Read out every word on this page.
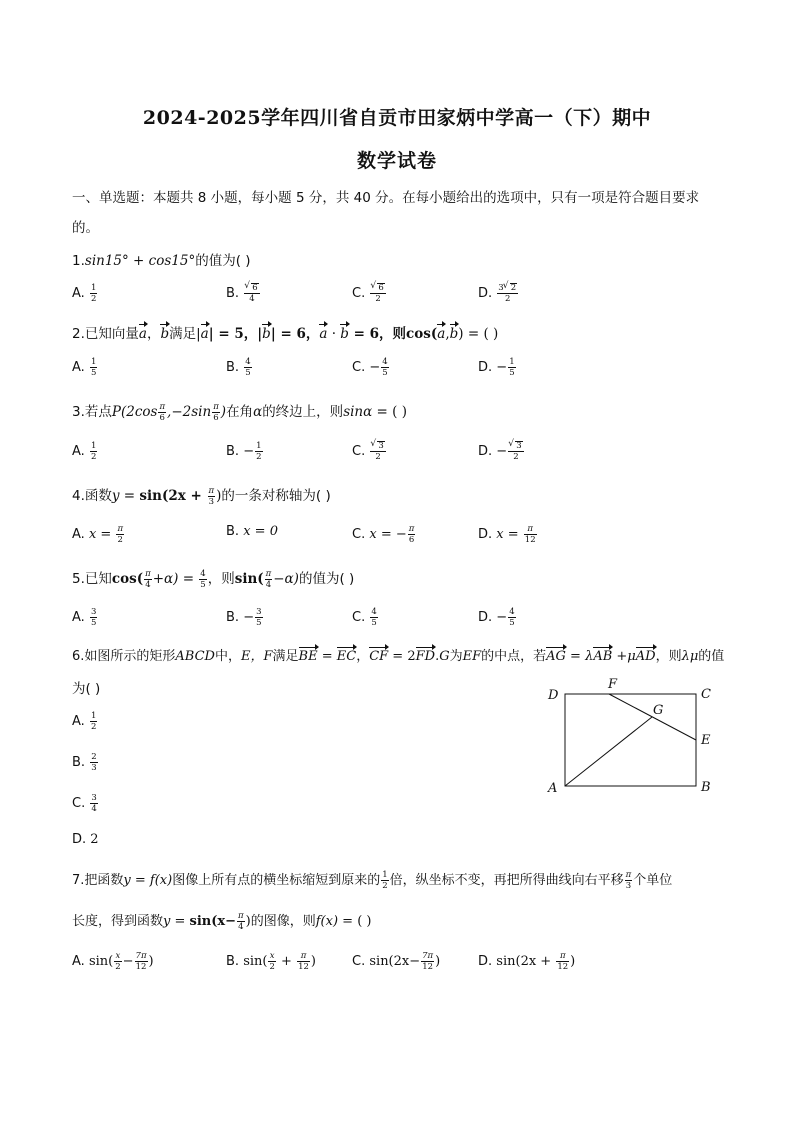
2024-2025学年四川省自贡市田家炳中学高一（下）期中
数学试卷
一、单选题：本题共 8 小题，每小题 5 分，共 40 分。在每小题给出的选项中，只有一项是符合题目要求
的。
1.sin15° + cos15°的值为( )
A. $\frac{1}{2}$	B. √ $\frac{6}{4}$	C. √ $\frac{6}{2}$	D. $\frac{3 √ 2}{2}$
2.已知向量a，b满足|a| = 5，|b| = 6，a · b = 6，则cos(a,b) = ( )
A. $\frac{1}{5}$	B. $\frac{4}{5}$	C. − $\frac{4}{5}$	D. − $\frac{1}{5}$
3.若点$P(2\cos \frac{\pi}{6} ,-2\sin \frac{\pi}{6}$ )在角α的终边上，则sinα = ( )
A. $\frac{1}{2}$	B. − $\frac{1}{2}$	C. √ $\frac{3}{2}$	D. − √ $\frac{3}{2}$
4.函数$y = \sin(2x + \frac{\pi}{3}$ )的一条对称轴为( )
A. $x = \frac{\pi}{2}$	B. x = 0	C. x = − $\frac{\pi}{6}$	D. $x = \frac{\pi}{12}$
5.已知$\cos( \frac{\pi}{4} +\alpha) = \frac{4}{5}$ ，则$\sin( \frac{\pi}{4} -\alpha)$的值为( )
A. $\frac{3}{5}$	B. − $\frac{3}{5}$	C. $\frac{4}{5}$	D. − $\frac{4}{5}$
6.如图所示的矩形ABCD中，E，F满足BE = EC，CF = 2FD.G为EF的中点，若AG = λAB +μAD，则λμ的值
为( )
A. $\frac{1}{2}$
B. $\frac{2}{3}$
C. $\frac{3}{4}$
D. 2
D
F
C
G
E
A	B
7.把函数y = f(x)图像上所有点的横坐标缩短到原来的 $\frac{1}{2}$ 倍，纵坐标不变，再把所得曲线向右平移 $\frac{\pi}{3}$ 个单位
长度，得到函数$y = \sin(x- \frac{\pi}{4}$ )的图像，则f(x) = ( )
A. $\sin( \frac{x}{2} - \frac{7\pi}{12}$ )	B. $\sin( \frac{x}{2} + \frac{\pi}{12}$ )	C. $\sin(2x- \frac{7\pi}{12}$ )	D. $\sin(2x + \frac{\pi}{12}$ )
